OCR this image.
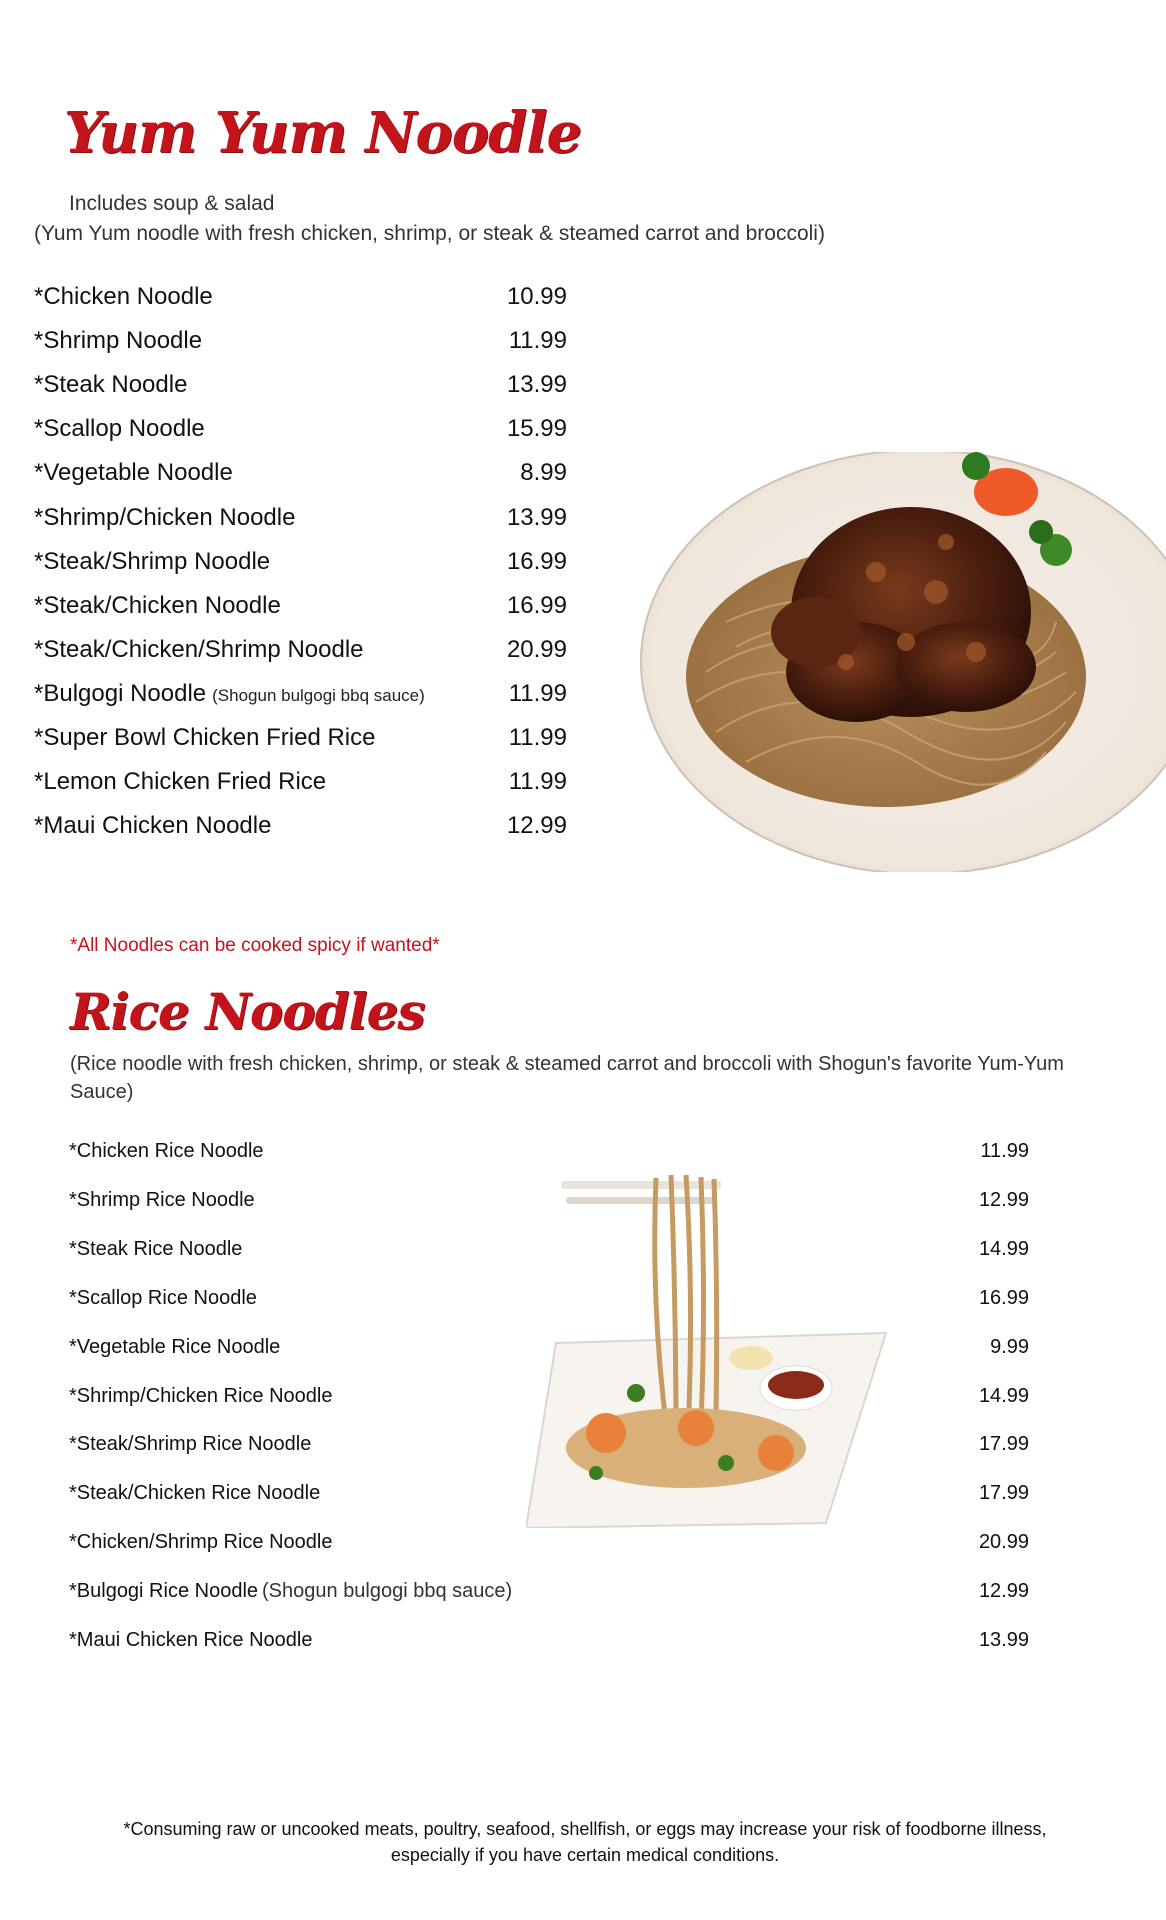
Yum Yum Noodle
Includes soup & salad
(Yum Yum noodle with fresh chicken, shrimp, or steak & steamed carrot and broccoli)
*Chicken Noodle	10.99
*Shrimp Noodle	11.99
*Steak Noodle	13.99
*Scallop Noodle	15.99
*Vegetable Noodle	8.99
*Shrimp/Chicken Noodle	13.99
*Steak/Shrimp Noodle	16.99
*Steak/Chicken Noodle	16.99
*Steak/Chicken/Shrimp Noodle	20.99
*Bulgogi Noodle (Shogun bulgogi bbq sauce)	11.99
*Super Bowl Chicken Fried Rice	11.99
*Lemon Chicken Fried Rice	11.99
*Maui Chicken Noodle	12.99
*All Noodles can be cooked spicy if wanted*
Rice Noodles
(Rice noodle with fresh chicken, shrimp, or steak & steamed carrot and broccoli with Shogun's favorite Yum-Yum Sauce)
*Chicken Rice Noodle	11.99
*Shrimp Rice Noodle	12.99
*Steak Rice Noodle	14.99
*Scallop Rice Noodle	16.99
*Vegetable Rice Noodle	9.99
*Shrimp/Chicken Rice Noodle	14.99
*Steak/Shrimp Rice Noodle	17.99
*Steak/Chicken Rice Noodle	17.99
*Chicken/Shrimp Rice Noodle	20.99
*Bulgogi Rice Noodle (Shogun bulgogi bbq sauce)	12.99
*Maui Chicken Rice Noodle	13.99
*Consuming raw or uncooked meats, poultry, seafood, shellfish, or eggs may increase your risk of foodborne illness,
especially if you have certain medical conditions.
